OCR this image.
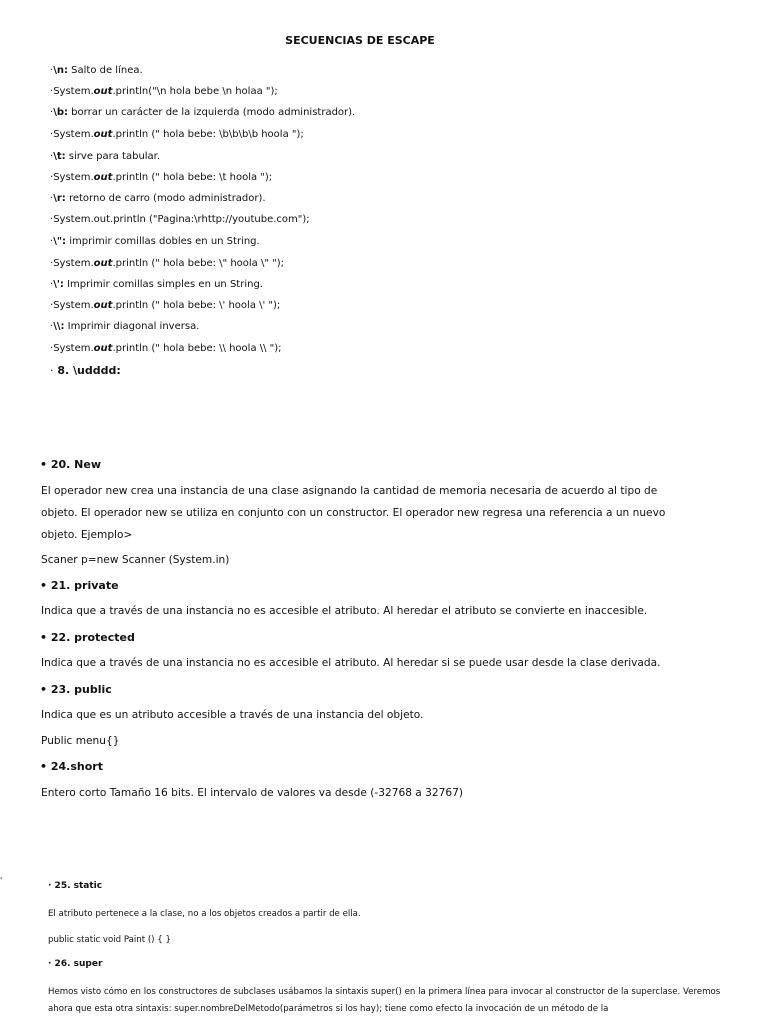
SECUENCIAS DE ESCAPE
·\n: Salto de línea.
·System.out.println("\n hola bebe \n holaa ");
·\b: borrar un carácter de la izquierda (modo administrador).
·System.out.println (" hola bebe: \b\b\b\b hoola ");
·\t: sirve para tabular.
·System.out.println (" hola bebe: \t hoola ");
·\r: retorno de carro (modo administrador).
·System.out.println ("Pagina:\rhttp://youtube.com");
·\": imprimir comillas dobles en un String.
·System.out.println (" hola bebe: \" hoola \" ");
·\': Imprimir comillas simples en un String.
·System.out.println (" hola bebe: \' hoola \' ");
·\\: Imprimir diagonal inversa.
·System.out.println (" hola bebe: \\ hoola \\ ");
· 8. \udddd:
• 20. New
El operador new crea una instancia de una clase asignando la cantidad de memoria necesaria de acuerdo al tipo de objeto. El operador new se utiliza en conjunto con un constructor. El operador new regresa una referencia a un nuevo objeto. Ejemplo>
Scaner p=new Scanner (System.in)
• 21. private
Indica que a través de una instancia no es accesible el atributo. Al heredar el atributo se convierte en inaccesible.
• 22. protected
Indica que a través de una instancia no es accesible el atributo. Al heredar si se puede usar desde la clase derivada.
• 23. public
Indica que es un atributo accesible a través de una instancia del objeto.
Public menu{}
• 24.short
Entero corto Tamaño 16 bits. El intervalo de valores va desde (-32768 a 32767)
'
· 25. static
El atributo pertenece a la clase, no a los objetos creados a partir de ella.
public static void Paint () { }
· 26. super
Hemos visto cómo en los constructores de subclases usábamos la sintaxis super() en la primera línea para invocar al constructor de la superclase. Veremos ahora que esta otra sintaxis: super.nombreDelMetodo(parámetros si los hay); tiene como efecto la invocación de un método de la
